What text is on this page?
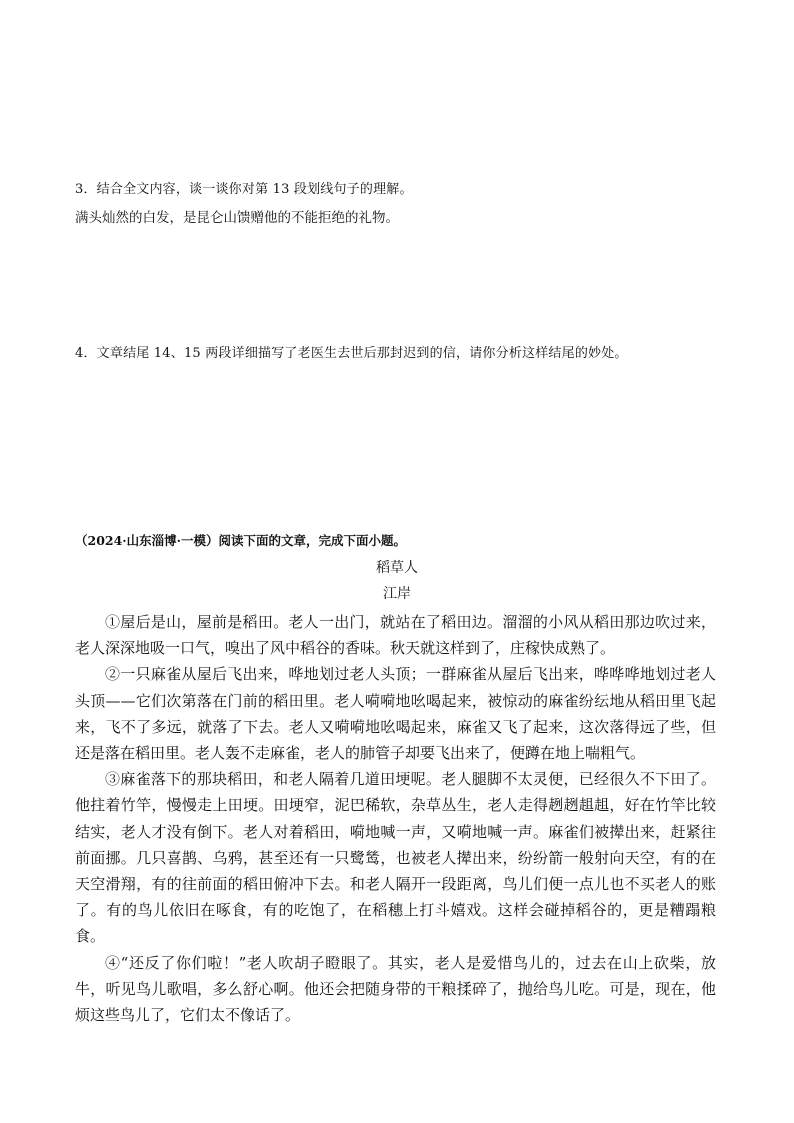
3．结合全文内容，谈一谈你对第 13 段划线句子的理解。
满头灿然的白发，是昆仑山馈赠他的不能拒绝的礼物。
4．文章结尾 14、15 两段详细描写了老医生去世后那封迟到的信，请你分析这样结尾的妙处。
（2024·山东淄博·一模）阅读下面的文章，完成下面小题。
稻草人
江岸

①屋后是山，屋前是稻田。老人一出门，就站在了稻田边。溜溜的小风从稻田那边吹过来，老人深深地吸一口气，嗅出了风中稻谷的香味。秋天就这样到了，庄稼快成熟了。

②一只麻雀从屋后飞出来，哗地划过老人头顶；一群麻雀从屋后飞出来，哗哗哗地划过老人头顶——它们次第落在门前的稻田里。老人嗬嗬地吆喝起来，被惊动的麻雀纷纭地从稻田里飞起来，飞不了多远，就落了下去。老人又嗬嗬地吆喝起来，麻雀又飞了起来，这次落得远了些，但还是落在稻田里。老人轰不走麻雀，老人的肺管子却要飞出来了，便蹲在地上喘粗气。

③麻雀落下的那块稻田，和老人隔着几道田埂呢。老人腿脚不太灵便，已经很久不下田了。他拄着竹竿，慢慢走上田埂。田埂窄，泥巴稀软，杂草丛生，老人走得趔趔趄趄，好在竹竿比较结实，老人才没有倒下。老人对着稻田，嗬地喊一声，又嗬地喊一声。麻雀们被撵出来，赶紧往前面挪。几只喜鹊、乌鸦，甚至还有一只鹭鸶，也被老人撵出来，纷纷箭一般射向天空，有的在天空滑翔，有的往前面的稻田俯冲下去。和老人隔开一段距离，鸟儿们便一点儿也不买老人的账了。有的鸟儿依旧在啄食，有的吃饱了，在稻穗上打斗嬉戏。这样会碰掉稻谷的，更是糟蹋粮食。

④“还反了你们啦！”老人吹胡子瞪眼了。其实，老人是爱惜鸟儿的，过去在山上砍柴，放牛，听见鸟儿歌唱，多么舒心啊。他还会把随身带的干粮揉碎了，抛给鸟儿吃。可是，现在，他烦这些鸟儿了，它们太不像话了。
